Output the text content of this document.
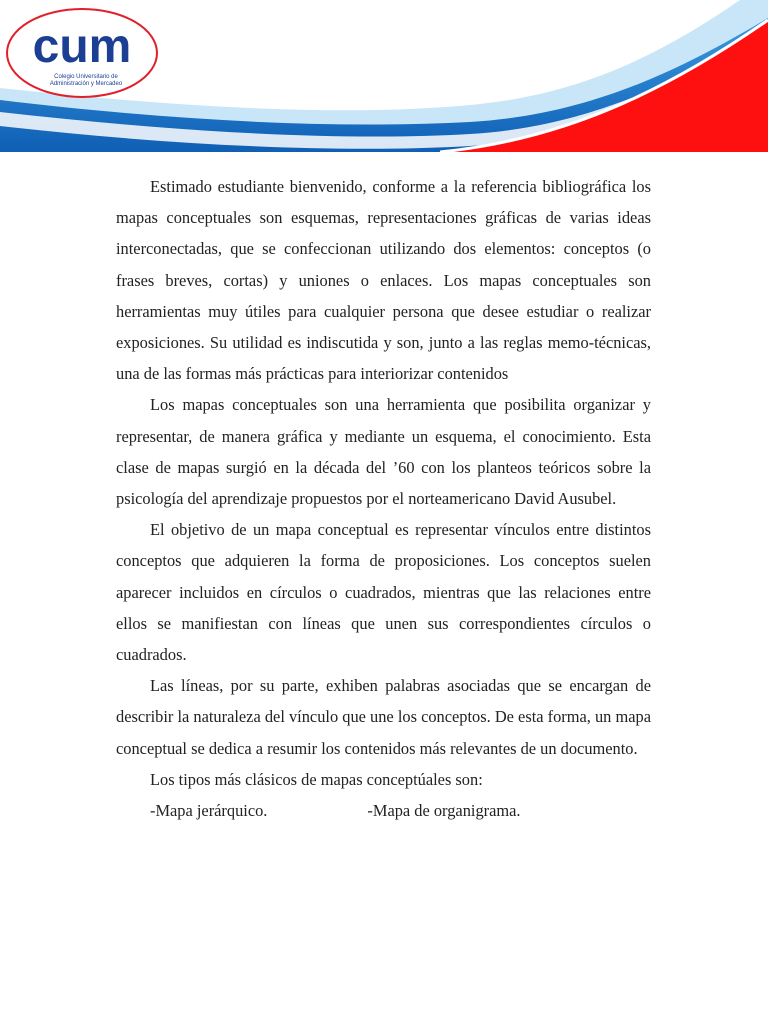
cum
Colegio Universitario de
Administración y Mercadeo

Estimado estudiante bienvenido, conforme a la referencia bibliográfica los mapas conceptuales son esquemas, representaciones gráficas de varias ideas interconectadas, que se confeccionan utilizando dos elementos: conceptos (o frases breves, cortas) y uniones o enlaces. Los mapas conceptuales son herramientas muy útiles para cualquier persona que desee estudiar o realizar exposiciones. Su utilidad es indiscutida y son, junto a las reglas memo-técnicas, una de las formas más prácticas para interiorizar contenidos

Los mapas conceptuales son una herramienta que posibilita organizar y representar, de manera gráfica y mediante un esquema, el conocimiento. Esta clase de mapas surgió en la década del ’60 con los planteos teóricos sobre la psicología del aprendizaje propuestos por el norteamericano David Ausubel.

El objetivo de un mapa conceptual es representar vínculos entre distintos conceptos que adquieren la forma de proposiciones. Los conceptos suelen aparecer incluidos en círculos o cuadrados, mientras que las relaciones entre ellos se manifiestan con líneas que unen sus correspondientes círculos o cuadrados.

Las líneas, por su parte, exhiben palabras asociadas que se encargan de describir la naturaleza del vínculo que une los conceptos. De esta forma, un mapa conceptual se dedica a resumir los contenidos más relevantes de un documento.

Los tipos más clásicos de mapas conceptúales son:

-Mapa jerárquico.	-Mapa de organigrama.
